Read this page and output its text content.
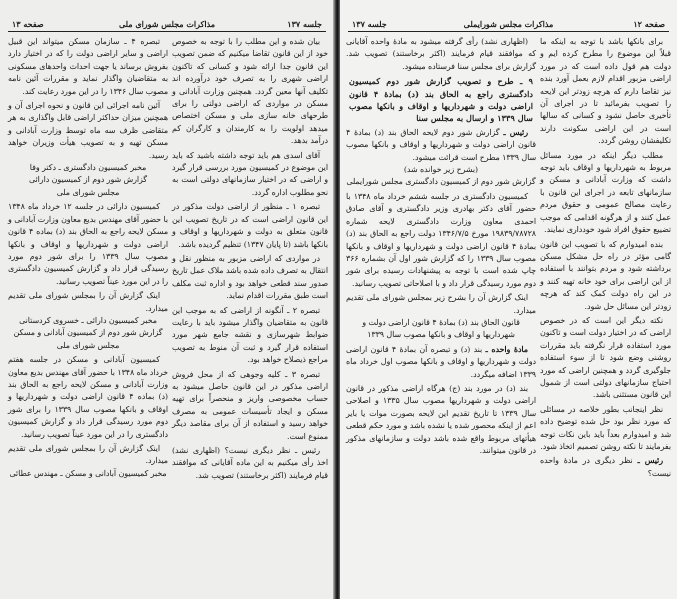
جلسه ۱۳۷
مذاکرات مجلس شورای ملی
صفحه ۱۳

بیان شده و این مطلب را با توجه به خصوص خود از این قانون تقاضا میکنیم که ضمن تصویب این قانون جدا ارائه شود و کسانی که تاکنون اراضی شهری را به تصرف خود درآورده اند تکلیف آنها معین گردد. همچنین وزارت آبادانی و مسکن در مواردی که اراضی دولتی را برای طرحهای خانه سازی ملی و مسکن اختصاص میدهد اولویت را به کارمندان و کارگران کم درآمد بدهد.

آقای اسدی هم باید توجه داشته باشید که باید این موضوع در کمیسیون مورد بررسی قرار گیرد و اراضی که در اختیار سازمانهای دولتی است به نحو مطلوب اداره گردد.

تبصره ۱ ـ منظور از اراضی دولت مذکور در این قانون اراضی است که در تاریخ تصویب این قانون متعلق به دولت و شهرداریها و اوقاف و بانکها باشد (تا پایان ۱۳۴۷) تنظیم گردیده باشد.

در مواردی که اراضی مزبور به منظور نقل و انتقال به تصرف داده شده باشد ملاک عمل تاریخ صدور سند قطعی خواهد بود و اداره ثبت مکلف است طبق مقررات اقدام نماید.

تبصره ۲ ـ آنگونه از اراضی که به موجب این قانون به متقاضیان واگذار میشود باید با رعایت ضوابط شهرسازی و نقشه جامع شهر مورد استفاده قرار گیرد و ثبت آن منوط به تصویب مراجع ذیصلاح خواهد بود.

تبصره ۳ ـ کلیه وجوهی که از محل فروش اراضی مذکور در این قانون حاصل میشود به حساب مخصوصی واریز و منحصراً برای تهیه مسکن و ایجاد تأسیسات عمومی به مصرف خواهد رسید و استفاده از آن برای مقاصد دیگر ممنوع است.

رئیس ـ نظر دیگری نیست؟ (اظهاری نشد) اخذ رأی میکنیم به این ماده آقایانی که موافقند قیام فرمایند (اکثر برخاستند) تصویب شد.

تبصره ۴ ـ سازمان مسکن میتواند این قبیل اراضی و سایر اراضی دولت را که در اختیار دارد بفروش برساند یا جهت احداث واحدهای مسکونی به متقاضیان واگذار نماید و مقررات آئین نامه مصوب سال ۱۳۴۶ را در این مورد رعایت کند.

آئین نامه اجرائی این قانون و نحوه اجرای آن و همچنین میزان حداکثر اراضی قابل واگذاری به هر متقاضی ظرف سه ماه توسط وزارت آبادانی و مسکن تهیه و به تصویب هیأت وزیران خواهد رسید.

مخبر کمیسیون دادگستری ـ دکتر وفا

گزارش شور دوم از کمیسیون دارائی

مجلس شورای ملی

کمیسیون دارائی در جلسه ۱۲ خرداد ماه ۱۳۴۸ با حضور آقای مهندس بدیع معاون وزارت آبادانی و مسکن لایحه راجع به الحاق بند (د) بماده ۴ قانون اراضی دولت و شهرداریها و اوقاف و بانکها مصوب سال ۱۳۳۹ را برای شور دوم مورد رسیدگی قرار داد و گزارش کمیسیون دادگستری را در این مورد عیناً تصویب رسانید.

اینک گزارش آن را بمجلس شورای ملی تقدیم میدارد.

مخبر کمیسیون دارائی ـ خسروی کردستانی

گزارش شور دوم از کمیسیون آبادانی و مسکن

مجلس شورای ملی

کمیسیون آبادانی و مسکن در جلسه هفتم خرداد ماه ۱۳۴۸ با حضور آقای مهندس بدیع معاون وزارت آبادانی و مسکن لایحه راجع به الحاق بند (د) بماده ۴ قانون اراضی دولت و شهرداریها و اوقاف و بانکها مصوب سال ۱۳۳۹ را برای شور دوم مورد رسیدگی قرار داد و گزارش کمیسیون دادگستری را در این مورد عیناً تصویب رسانید.

اینک گزارش آن را بمجلس شورای ملی تقدیم میدارد.

مخبر کمیسیون آبادانی و مسکن ـ مهندس عطائی

صفحه ۱۲
مذاکرات مجلس شورایملی
جلسه ۱۳۷

برای بانکها باشد با توجه به اینکه ما قبلاً این موضوع را مطرح کرده ایم و دولت هم قول داده است که در مورد اراضی مزبور اقدام لازم بعمل آورد بنده نیز تقاضا دارم که هرچه زودتر این لایحه را تصویب بفرمائید تا در اجرای آن تأخیری حاصل نشود و کسانی که سالها است در این اراضی سکونت دارند تکلیفشان روشن گردد.

مطلب دیگر اینکه در مورد مسائل مربوط به شهرداریها و اوقاف باید توجه داشت که وزارت آبادانی و مسکن و سازمانهای تابعه در اجرای این قانون با رعایت مصالح عمومی و حقوق مردم عمل کنند و از هرگونه اقدامی که موجب تضییع حقوق افراد شود خودداری نمایند.

بنده امیدوارم که با تصویب این قانون گامی مؤثر در راه حل مشکل مسکن برداشته شود و مردم بتوانند با استفاده از این اراضی برای خود خانه تهیه کنند و در این راه دولت کمک کند که هرچه زودتر این مسائل حل شود.

نکته دیگر این است که در خصوص اراضی که در اختیار دولت است و تاکنون مورد استفاده قرار نگرفته باید مقررات روشنی وضع شود تا از سوء استفاده جلوگیری گردد و همچنین اراضی که مورد احتیاج سازمانهای دولتی است از شمول این قانون مستثنی باشد.

نظر اینجانب بطور خلاصه در مسائلی که مورد نظر بود حل شده توضیح داده شد و امیدوارم بعداً باید باین نکات توجه بفرمایند تا نکته روشن تصمیم اتخاذ شود.

رئیس ـ نظر دیگری در مادهٔ واحده نیست؟

(اظهاری نشد) رأی گرفته میشود به مادهٔ واحده آقایانی که موافقند قیام فرمایند (اکثر برخاستند) تصویب شد. گزارش برای مجلس سنا فرستاده میشود.

۹ ـ طرح و تصویب گزارش شور دوم کمیسیون دادگستری راجع به الحاق بند (د) بمادهٔ ۴ قانون اراضی دولت و شهرداریها و اوقاف و بانکها مصوب سال ۱۳۳۹ و ارسال به مجلس سنا

رئیس ـ گزارش شور دوم لایحه الحاق بند (د) بمادهٔ ۴ قانون اراضی دولت و شهرداریها و اوقاف و بانکها مصوب سال ۱۳۳۹ مطرح است قرائت میشود.

(بشرح زیر خوانده شد)

گزارش شور دوم از کمیسیون دادگستری مجلس شورایملی

کمیسیون دادگستری در جلسه ششم خرداد ماه ۱۳۴۸ با حضور آقای دکتر بهادری وزیر دادگستری و آقای صادق احمدی معاون وزارت دادگستری لایحه شماره ۱۹۸۳۹/۷۸۷۲۸ مورخ ۱۳۴۶/۷/۵ دولت راجع به الحاق بند (د) بمادهٔ ۴ قانون اراضی دولت و شهرداریها و اوقاف و بانکها مصوب سال ۱۳۳۹ را که گزارش شور اول آن بشماره ۳۶۶ چاپ شده است با توجه به پیشنهادات رسیده برای شور دوم مورد رسیدگی قرار داد و با اصلاحاتی تصویب رسانید.

اینک گزارش آن را بشرح زیر بمجلس شورای ملی تقدیم میدارد.

قانون الحاق بند (د) بمادهٔ ۴ قانون اراضی دولت و شهرداریها و اوقاف و بانکها مصوب سال ۱۳۳۹

مادهٔ واحده ـ بند (د) و تبصره آن بمادهٔ ۴ قانون اراضی دولت و شهرداریها و اوقاف و بانکها مصوب اول خرداد ماه ۱۳۳۹ اضافه میگردد.

بند (د) در مورد بند (ج) هرگاه اراضی مذکور در قانون اراضی دولت و شهرداریها مصوب سال ۱۳۳۵ و اصلاحی سال ۱۳۳۹ تا تاریخ تقدیم این لایحه بصورت موات یا بایر اعم از اینکه محصور شده یا نشده باشد و مورد حکم قطعی هیأتهای مربوط واقع شده باشد دولت و سازمانهای مذکور در قانون میتوانند.
